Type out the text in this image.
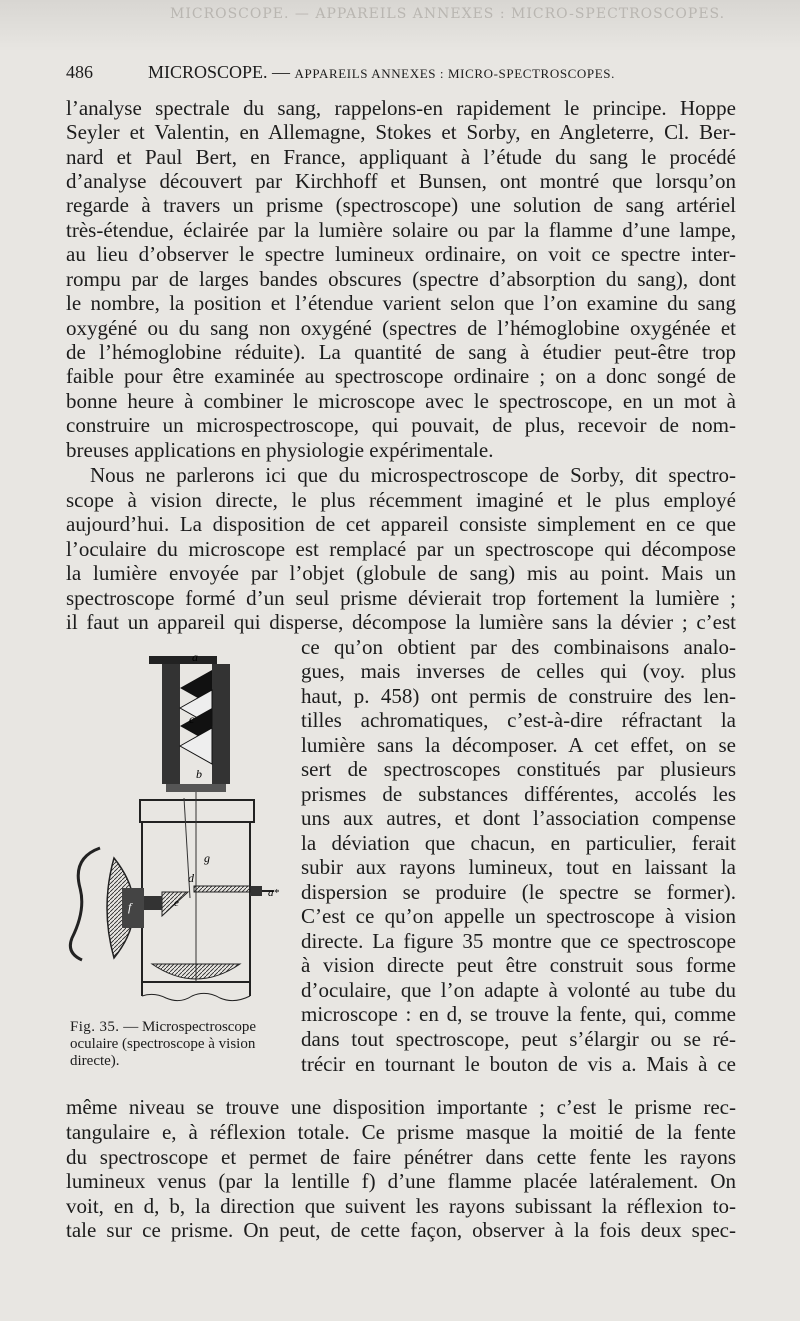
MICROSCOPE. — APPAREILS ANNEXES : MICRO-SPECTROSCOPES.
486	MICROSCOPE. — APPAREILS ANNEXES : MICRO-SPECTROSCOPES.
l’analyse spectrale du sang, rappelons-en rapidement le principe. Hoppe
Seyler et Valentin, en Allemagne, Stokes et Sorby, en Angleterre, Cl. Ber-
nard et Paul Bert, en France, appliquant à l’étude du sang le procédé
d’analyse découvert par Kirchhoff et Bunsen, ont montré que lorsqu’on
regarde à travers un prisme (spectroscope) une solution de sang artériel
très-étendue, éclairée par la lumière solaire ou par la flamme d’une lampe,
au lieu d’observer le spectre lumineux ordinaire, on voit ce spectre inter-
rompu par de larges bandes obscures (spectre d’absorption du sang), dont
le nombre, la position et l’étendue varient selon que l’on examine du sang
oxygéné ou du sang non oxygéné (spectres de l’hémoglobine oxygénée et
de l’hémoglobine réduite). La quantité de sang à étudier peut-être trop
faible pour être examinée au spectroscope ordinaire ; on a donc songé de
bonne heure à combiner le microscope avec le spectroscope, en un mot à
construire un microspectroscope, qui pouvait, de plus, recevoir de nom-
breuses applications en physiologie expérimentale.
Nous ne parlerons ici que du microspectroscope de Sorby, dit spectro-
scope à vision directe, le plus récemment imaginé et le plus employé
aujourd’hui. La disposition de cet appareil consiste simplement en ce que
l’oculaire du microscope est remplacé par un spectroscope qui décompose
la lumière envoyée par l’objet (globule de sang) mis au point. Mais un
spectroscope formé d’un seul prisme dévierait trop fortement la lumière ;
il faut un appareil qui disperse, décompose la lumière sans la dévier ; c’est
ce qu’on obtient par des combinaisons analo-
gues, mais inverses de celles qui (voy. plus
haut, p. 458) ont permis de construire des len-
tilles achromatiques, c’est-à-dire réfractant la
lumière sans la décomposer. A cet effet, on se
sert de spectroscopes constitués par plusieurs
prismes de substances différentes, accolés les
uns aux autres, et dont l’association compense
la déviation que chacun, en particulier, ferait
subir aux rayons lumineux, tout en laissant la
dispersion se produire (le spectre se former).
C’est ce qu’on appelle un spectroscope à vision
directe. La figure 35 montre que ce spectroscope
à vision directe peut être construit sous forme
d’oculaire, que l’on adapte à volonté au tube du
microscope : en d, se trouve la fente, qui, comme
dans tout spectroscope, peut s’élargir ou se ré-
trécir en tournant le bouton de vis a. Mais à ce
a
c
b
g
d
e
f
a*
Fig. 35. — Microspectroscope oculaire (spectroscope à vision directe).
même niveau se trouve une disposition importante ; c’est le prisme rec-
tangulaire e, à réflexion totale. Ce prisme masque la moitié de la fente
du spectroscope et permet de faire pénétrer dans cette fente les rayons
lumineux venus (par la lentille f) d’une flamme placée latéralement. On
voit, en d, b, la direction que suivent les rayons subissant la réflexion to-
tale sur ce prisme. On peut, de cette façon, observer à la fois deux spec-
